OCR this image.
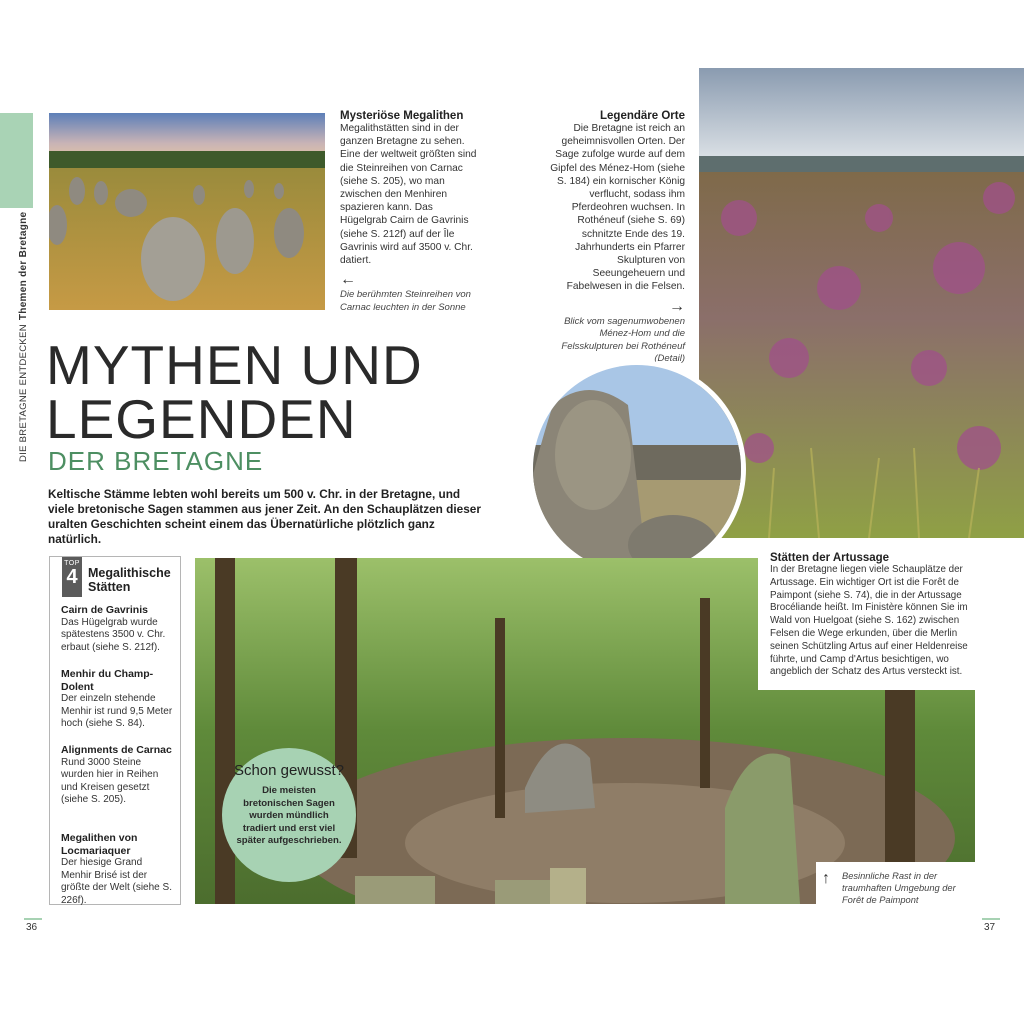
DIE BRETAGNE ENTDECKENThemen der Bretagne
Mysteriöse Megalithen
Megalithstätten sind in der ganzen Bretagne zu sehen. Eine der weltweit größten sind die Steinreihen von Carnac (siehe S. 205), wo man zwischen den Menhiren spazieren kann. Das Hügelgrab Cairn de Gavrinis (siehe S. 212f) auf der Île Gavrinis wird auf 3500 v. Chr. datiert.
←
Die berühmten Steinreihen von Carnac leuchten in der Sonne
Legendäre Orte
Die Bretagne ist reich an geheimnisvollen Orten. Der Sage zufolge wurde auf dem Gipfel des Ménez-Hom (siehe S. 184) ein kornischer König verflucht, sodass ihm Pferdeohren wuchsen. In Rothéneuf (siehe S. 69) schnitzte Ende des 19. Jahrhunderts ein Pfarrer Skulpturen von Seeungeheuern und Fabelwesen in die Felsen.
→
Blick vom sagenumwobenen Ménez-Hom und die Felsskulpturen bei Rothéneuf (Detail)
MYTHEN UND
LEGENDEN
DER BRETAGNE
Keltische Stämme lebten wohl bereits um 500 v. Chr. in der Bretagne, und viele bretonische Sagen stammen aus jener Zeit. An den Schauplätzen dieser uralten Geschichten scheint einem das Übernatürliche plötzlich ganz natürlich.
Stätten der Artussage
In der Bretagne liegen viele Schauplätze der Artussage. Ein wichtiger Ort ist die Forêt de Paimpont (siehe S. 74), die in der Artussage Brocéliande heißt. Im Finistère können Sie im Wald von Huelgoat (siehe S. 162) zwischen Felsen die Wege erkunden, über die Merlin seinen Schützling Artus auf einer Heldenreise führte, und Camp d'Artus besichtigen, wo angeblich der Schatz des Artus versteckt ist.
↑ Besinnliche Rast in der traumhaften Umgebung der Forêt de Paimpont
TOP
4 Megalithische Stätten
Cairn de Gavrinis
Das Hügelgrab wurde spätestens 3500 v. Chr. erbaut (siehe S. 212f).
Menhir du Champ-Dolent
Der einzeln stehende Menhir ist rund 9,5 Meter hoch (siehe S. 84).
Alignments de Carnac
Rund 3000 Steine wurden hier in Reihen und Kreisen gesetzt (siehe S. 205).
Megalithen von Locmariaquer
Der hiesige Grand Menhir Brisé ist der größte der Welt (siehe S. 226f).
Schon gewusst?
Die meisten bretonischen Sagen wurden mündlich tradiert und erst viel später aufgeschrieben.
36	37
